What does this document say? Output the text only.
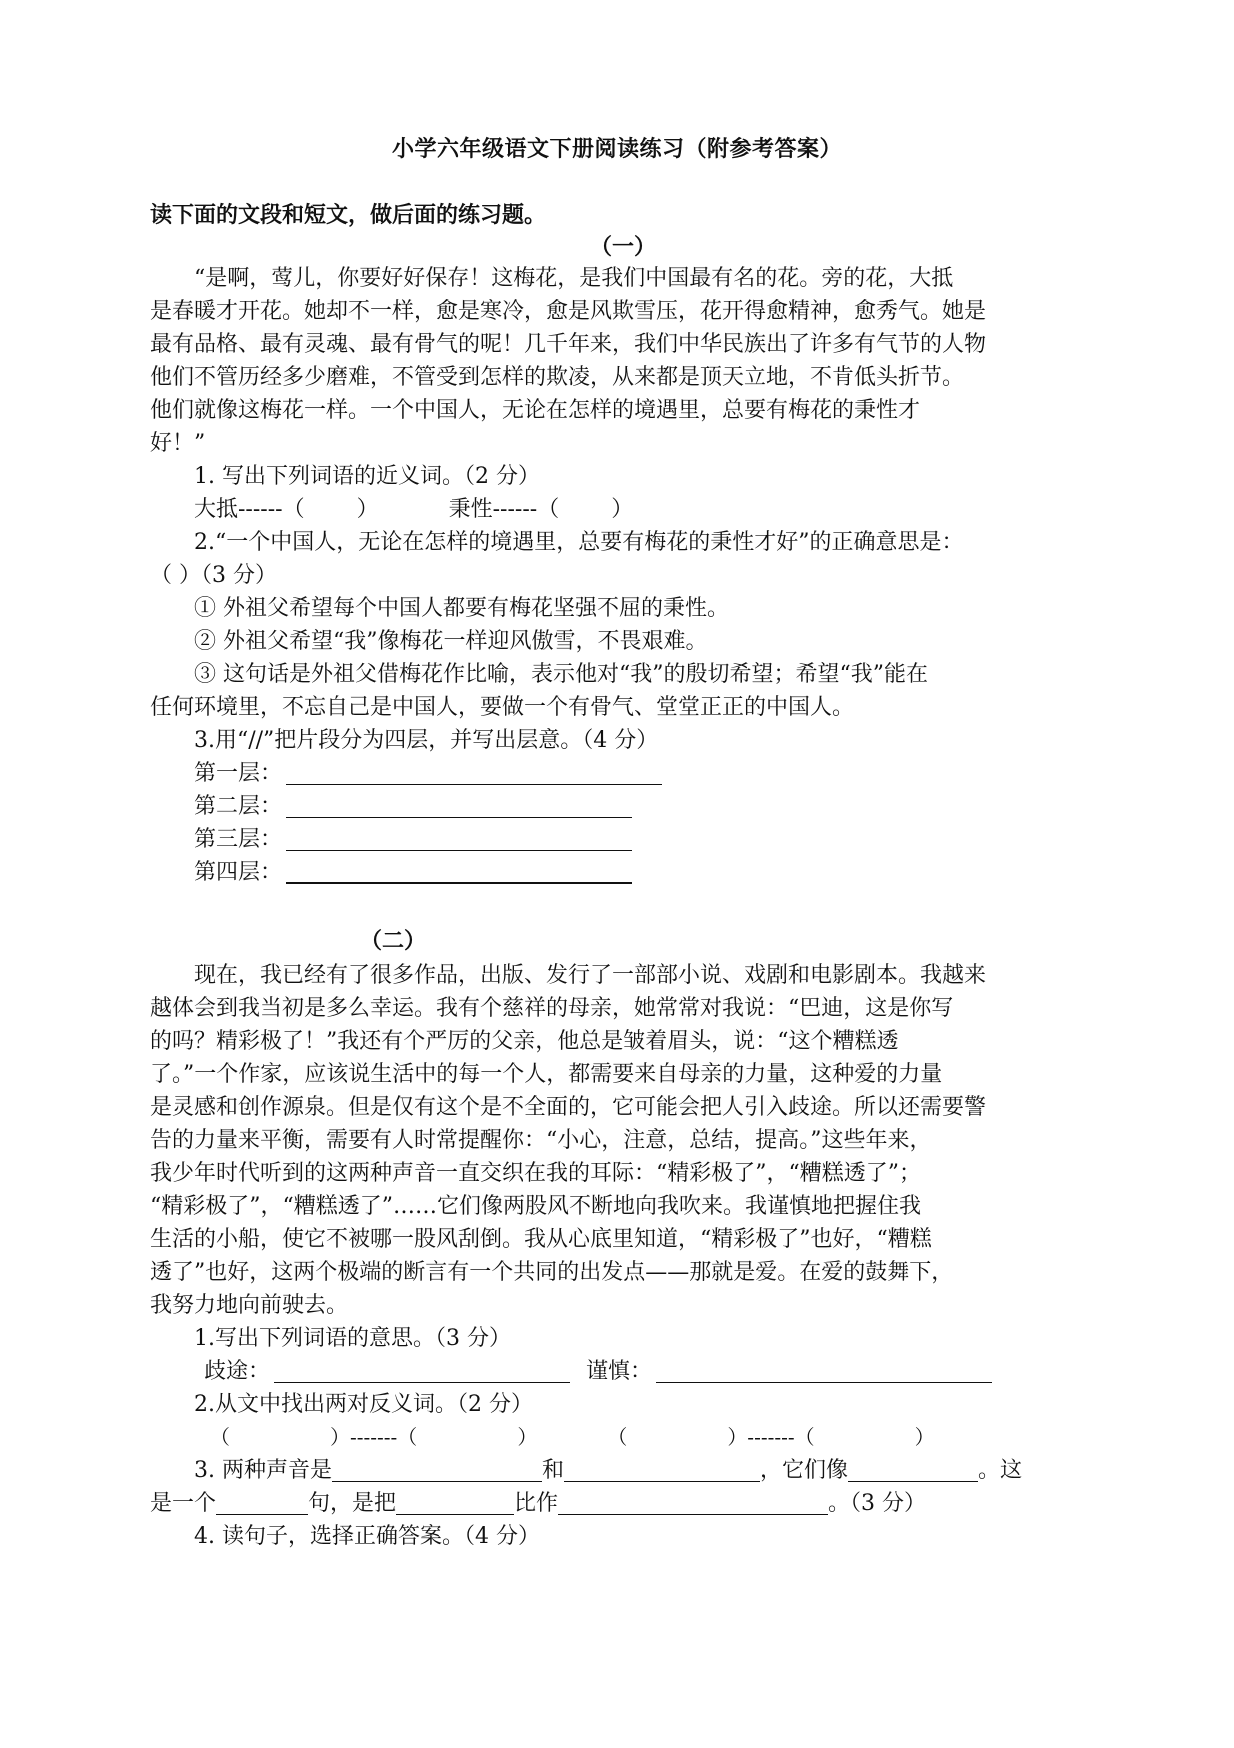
小学六年级语文下册阅读练习（附参考答案）
读下面的文段和短文，做后面的练习题。
（一）

“是啊，莺儿，你要好好保存！这梅花，是我们中国最有名的花。旁的花，大抵

是春暖才开花。她却不一样，愈是寒冷，愈是风欺雪压，花开得愈精神，愈秀气。她是

最有品格、最有灵魂、最有骨气的呢！几千年来，我们中华民族出了许多有气节的人物

他们不管历经多少磨难，不管受到怎样的欺凌，从来都是顶天立地，不肯低头折节。

他们就像这梅花一样。一个中国人，无论在怎样的境遇里，总要有梅花的秉性才

好！”

1. 写出下列词语的近义词。（2 分）

大抵------（ ）	秉性------（ ）

2.“一个中国人，无论在怎样的境遇里，总要有梅花的秉性才好”的正确意思是：

（ ）（3 分）

① 外祖父希望每个中国人都要有梅花坚强不屈的秉性。

② 外祖父希望“我”像梅花一样迎风傲雪，不畏艰难。

③ 这句话是外祖父借梅花作比喻，表示他对“我”的殷切希望；希望“我”能在

任何环境里，不忘自己是中国人，要做一个有骨气、堂堂正正的中国人。

3.用“//”把片段分为四层，并写出层意。（4 分）

第一层：
第二层：
第三层：
第四层：
（二）

现在，我已经有了很多作品，出版、发行了一部部小说、戏剧和电影剧本。我越来

越体会到我当初是多么幸运。我有个慈祥的母亲，她常常对我说：“巴迪，这是你写

的吗？精彩极了！”我还有个严厉的父亲，他总是皱着眉头，说：“这个糟糕透

了。”一个作家，应该说生活中的每一个人，都需要来自母亲的力量，这种爱的力量

是灵感和创作源泉。但是仅有这个是不全面的，它可能会把人引入歧途。所以还需要警

告的力量来平衡，需要有人时常提醒你：“小心，注意，总结，提高。”这些年来，

我少年时代听到的这两种声音一直交织在我的耳际：“精彩极了”，“糟糕透了”；

“精彩极了”，“糟糕透了”……它们像两股风不断地向我吹来。我谨慎地把握住我

生活的小船，使它不被哪一股风刮倒。我从心底里知道，“精彩极了”也好，“糟糕

透了”也好，这两个极端的断言有一个共同的出发点——那就是爱。在爱的鼓舞下，

我努力地向前驶去。

1.写出下列词语的意思。（3 分）

歧途：	谨慎：

2.从文中找出两对反义词。（2 分）

（	）-------（	）	（	）-------（	）

3. 两种声音是	和	，它们像	。这
是一个	句，是把	比作	。（3 分）

4. 读句子，选择正确答案。（4 分）
